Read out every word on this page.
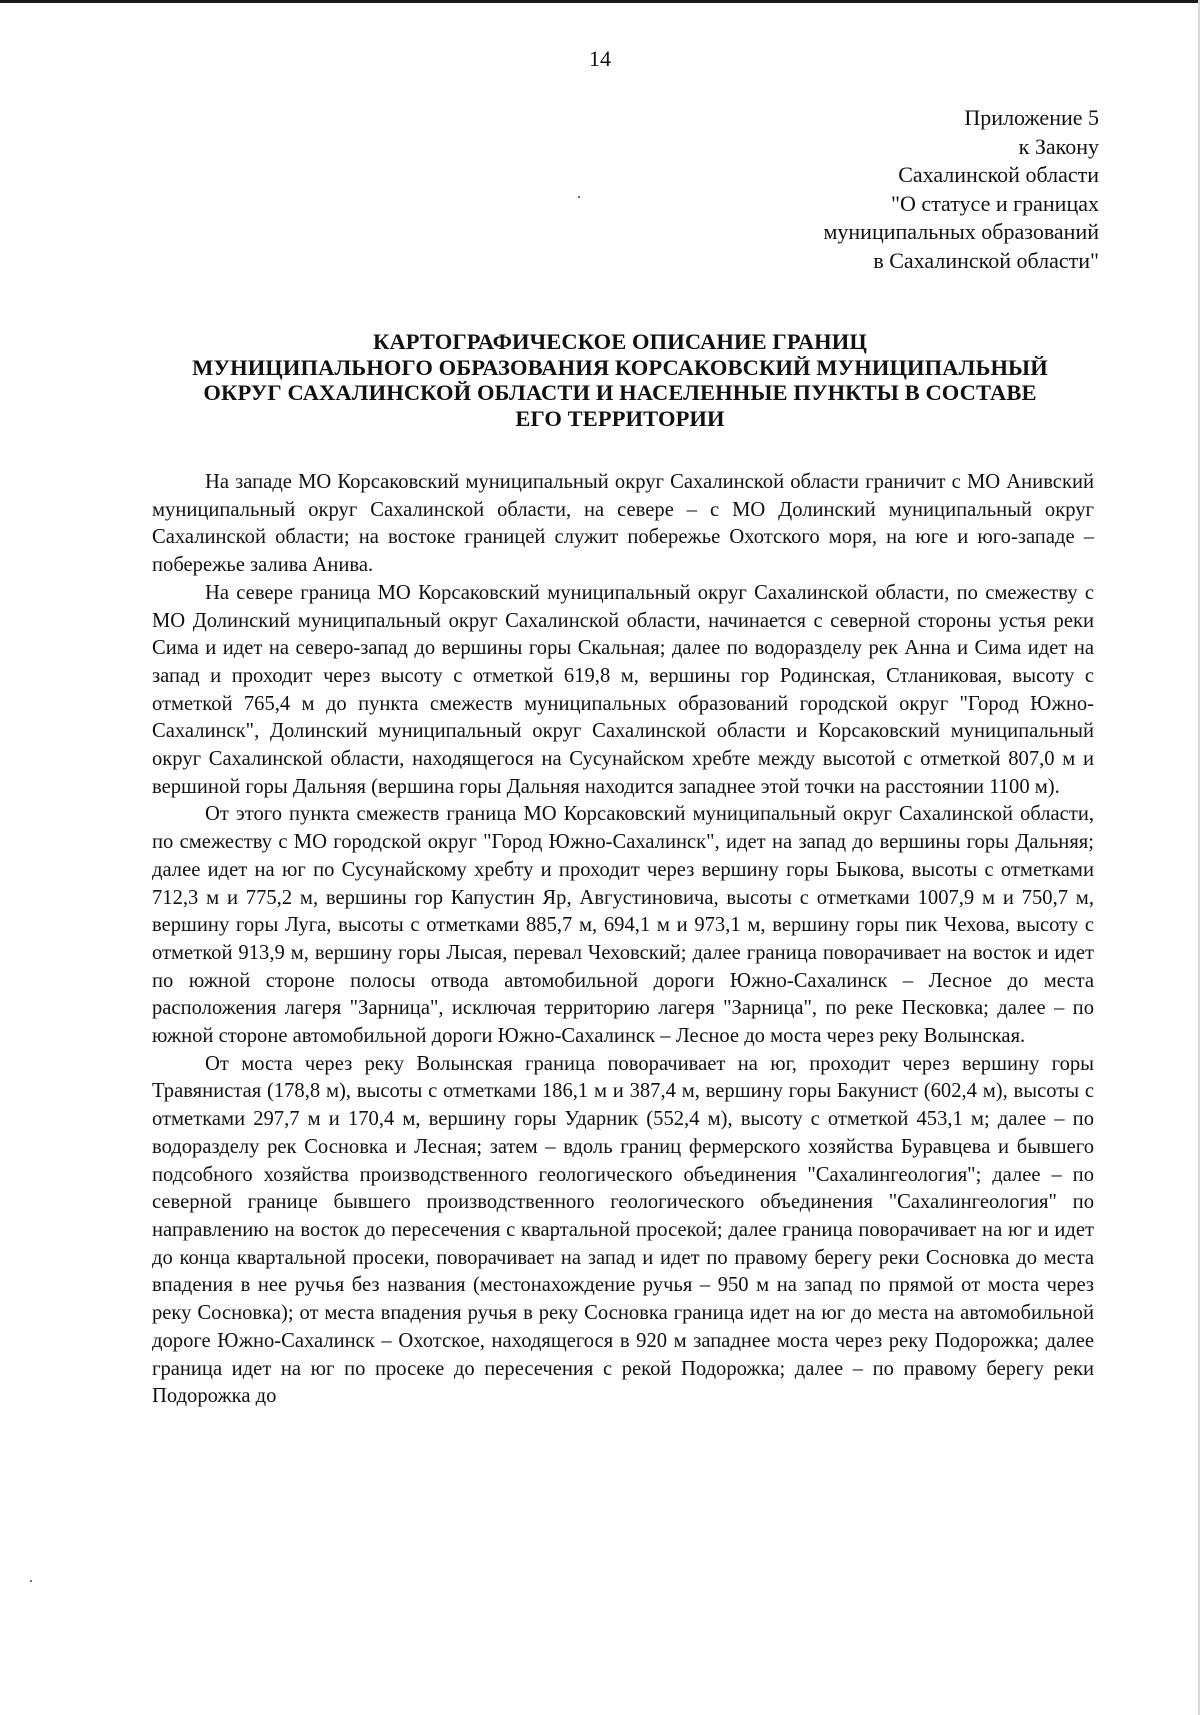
14
Приложение 5
к Закону
Сахалинской области
"О статусе и границах
муниципальных образований
в Сахалинской области"
КАРТОГРАФИЧЕСКОЕ ОПИСАНИЕ ГРАНИЦ
МУНИЦИПАЛЬНОГО ОБРАЗОВАНИЯ КОРСАКОВСКИЙ МУНИЦИПАЛЬНЫЙ
ОКРУГ САХАЛИНСКОЙ ОБЛАСТИ И НАСЕЛЕННЫЕ ПУНКТЫ В СОСТАВЕ
ЕГО ТЕРРИТОРИИ

На западе МО Корсаковский муниципальный округ Сахалинской области граничит с МО Анивский муниципальный округ Сахалинской области, на севере – с МО Долинский муниципальный округ Сахалинской области; на востоке границей служит побережье Охотского моря, на юге и юго-западе – побережье залива Анива.

На севере граница МО Корсаковский муниципальный округ Сахалинской области, по смежеству с МО Долинский муниципальный округ Сахалинской области, начинается с северной стороны устья реки Сима и идет на северо-запад до вершины горы Скальная; далее по водоразделу рек Анна и Сима идет на запад и проходит через высоту с отметкой 619,8 м, вершины гор Родинская, Стланиковая, высоту с отметкой 765,4 м до пункта смежеств муниципальных образований городской округ "Город Южно-Сахалинск", Долинский муниципальный округ Сахалинской области и Корсаковский муниципальный округ Сахалинской области, находящегося на Сусунайском хребте между высотой с отметкой 807,0 м и вершиной горы Дальняя (вершина горы Дальняя находится западнее этой точки на расстоянии 1100 м).

От этого пункта смежеств граница МО Корсаковский муниципальный округ Сахалинской области, по смежеству с МО городской округ "Город Южно-Сахалинск", идет на запад до вершины горы Дальняя; далее идет на юг по Сусунайскому хребту и проходит через вершину горы Быкова, высоты с отметками 712,3 м и 775,2 м, вершины гор Капустин Яр, Августиновича, высоты с отметками 1007,9 м и 750,7 м, вершину горы Луга, высоты с отметками 885,7 м, 694,1 м и 973,1 м, вершину горы пик Чехова, высоту с отметкой 913,9 м, вершину горы Лысая, перевал Чеховский; далее граница поворачивает на восток и идет по южной стороне полосы отвода автомобильной дороги Южно-Сахалинск – Лесное до места расположения лагеря "Зарница", исключая территорию лагеря "Зарница", по реке Песковка; далее – по южной стороне автомобильной дороги Южно-Сахалинск – Лесное до моста через реку Волынская.

От моста через реку Волынская граница поворачивает на юг, проходит через вершину горы Травянистая (178,8 м), высоты с отметками 186,1 м и 387,4 м, вершину горы Бакунист (602,4 м), высоты с отметками 297,7 м и 170,4 м, вершину горы Ударник (552,4 м), высоту с отметкой 453,1 м; далее – по водоразделу рек Сосновка и Лесная; затем – вдоль границ фермерского хозяйства Буравцева и бывшего подсобного хозяйства производственного геологического объединения "Сахалингеология"; далее – по северной границе бывшего производственного геологического объединения "Сахалингеология" по направлению на восток до пересечения с квартальной просекой; далее граница поворачивает на юг и идет до конца квартальной просеки, поворачивает на запад и идет по правому берегу реки Сосновка до места впадения в нее ручья без названия (местонахождение ручья – 950 м на запад по прямой от моста через реку Сосновка); от места впадения ручья в реку Сосновка граница идет на юг до места на автомобильной дороге Южно-Сахалинск – Охотское, находящегося в 920 м западнее моста через реку Подорожка; далее граница идет на юг по просеке до пересечения с рекой Подорожка; далее – по правому берегу реки Подорожка до
